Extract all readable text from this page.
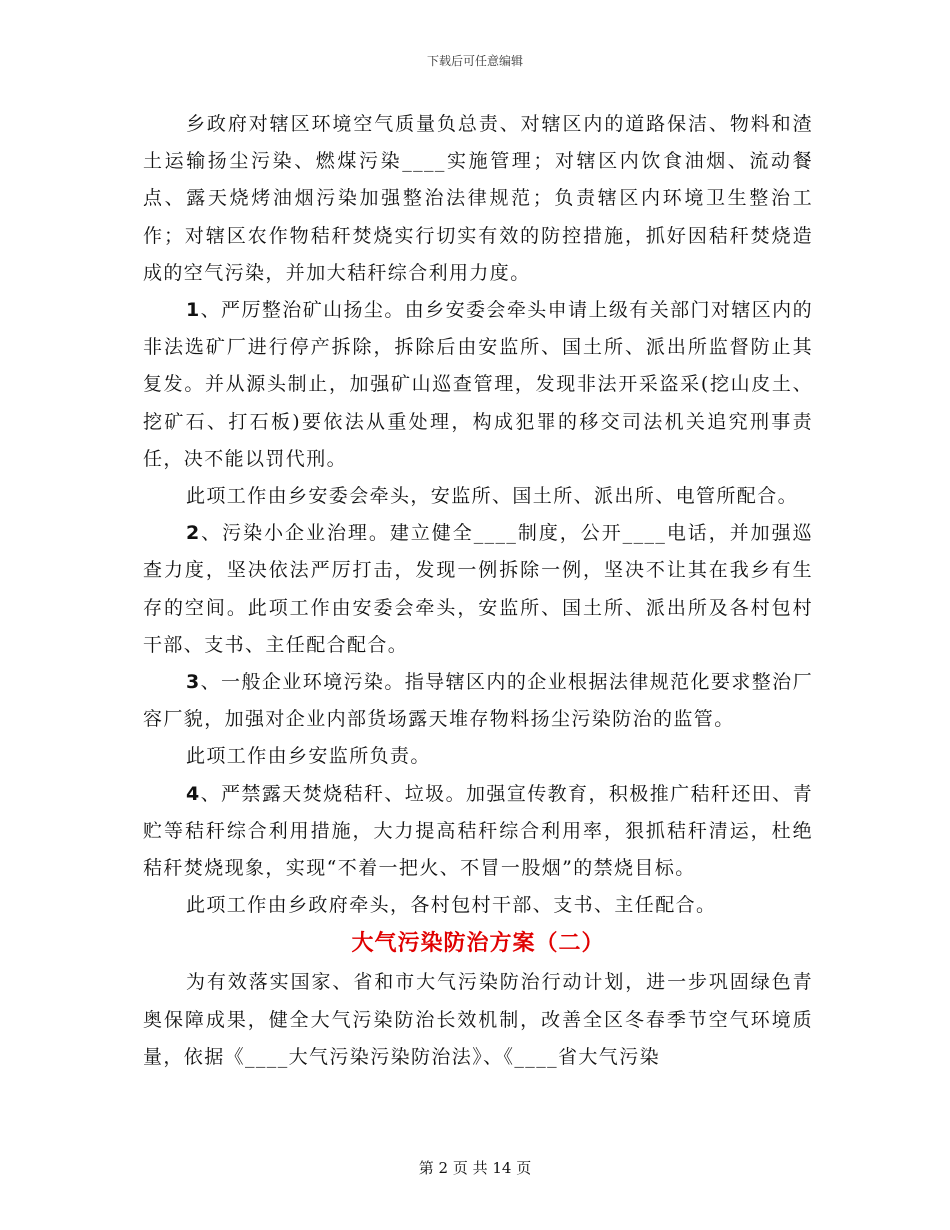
下载后可任意编辑

乡政府对辖区环境空气质量负总责、对辖区内的道路保洁、物料和渣土运输扬尘污染、燃煤污染____实施管理；对辖区内饮食油烟、流动餐点、露天烧烤油烟污染加强整治法律规范；负责辖区内环境卫生整治工作；对辖区农作物秸秆焚烧实行切实有效的防控措施，抓好因秸秆焚烧造成的空气污染，并加大秸秆综合利用力度。

1、严厉整治矿山扬尘。由乡安委会牵头申请上级有关部门对辖区内的非法选矿厂进行停产拆除，拆除后由安监所、国土所、派出所监督防止其复发。并从源头制止，加强矿山巡查管理，发现非法开采盗采(挖山皮土、挖矿石、打石板)要依法从重处理，构成犯罪的移交司法机关追究刑事责任，决不能以罚代刑。

此项工作由乡安委会牵头，安监所、国土所、派出所、电管所配合。

2、污染小企业治理。建立健全____制度，公开____电话，并加强巡查力度，坚决依法严厉打击，发现一例拆除一例，坚决不让其在我乡有生存的空间。此项工作由安委会牵头，安监所、国土所、派出所及各村包村干部、支书、主任配合配合。

3、一般企业环境污染。指导辖区内的企业根据法律规范化要求整治厂容厂貌，加强对企业内部货场露天堆存物料扬尘污染防治的监管。

此项工作由乡安监所负责。

4、严禁露天焚烧秸秆、垃圾。加强宣传教育，积极推广秸秆还田、青贮等秸秆综合利用措施，大力提高秸秆综合利用率，狠抓秸秆清运，杜绝秸秆焚烧现象，实现“不着一把火、不冒一股烟”的禁烧目标。

此项工作由乡政府牵头，各村包村干部、支书、主任配合。

大气污染防治方案（二）

为有效落实国家、省和市大气污染防治行动计划，进一步巩固绿色青奥保障成果，健全大气污染防治长效机制，改善全区冬春季节空气环境质量，依据《____大气污染污染防治法》、《____省大气污染

第 2 页 共 14 页
